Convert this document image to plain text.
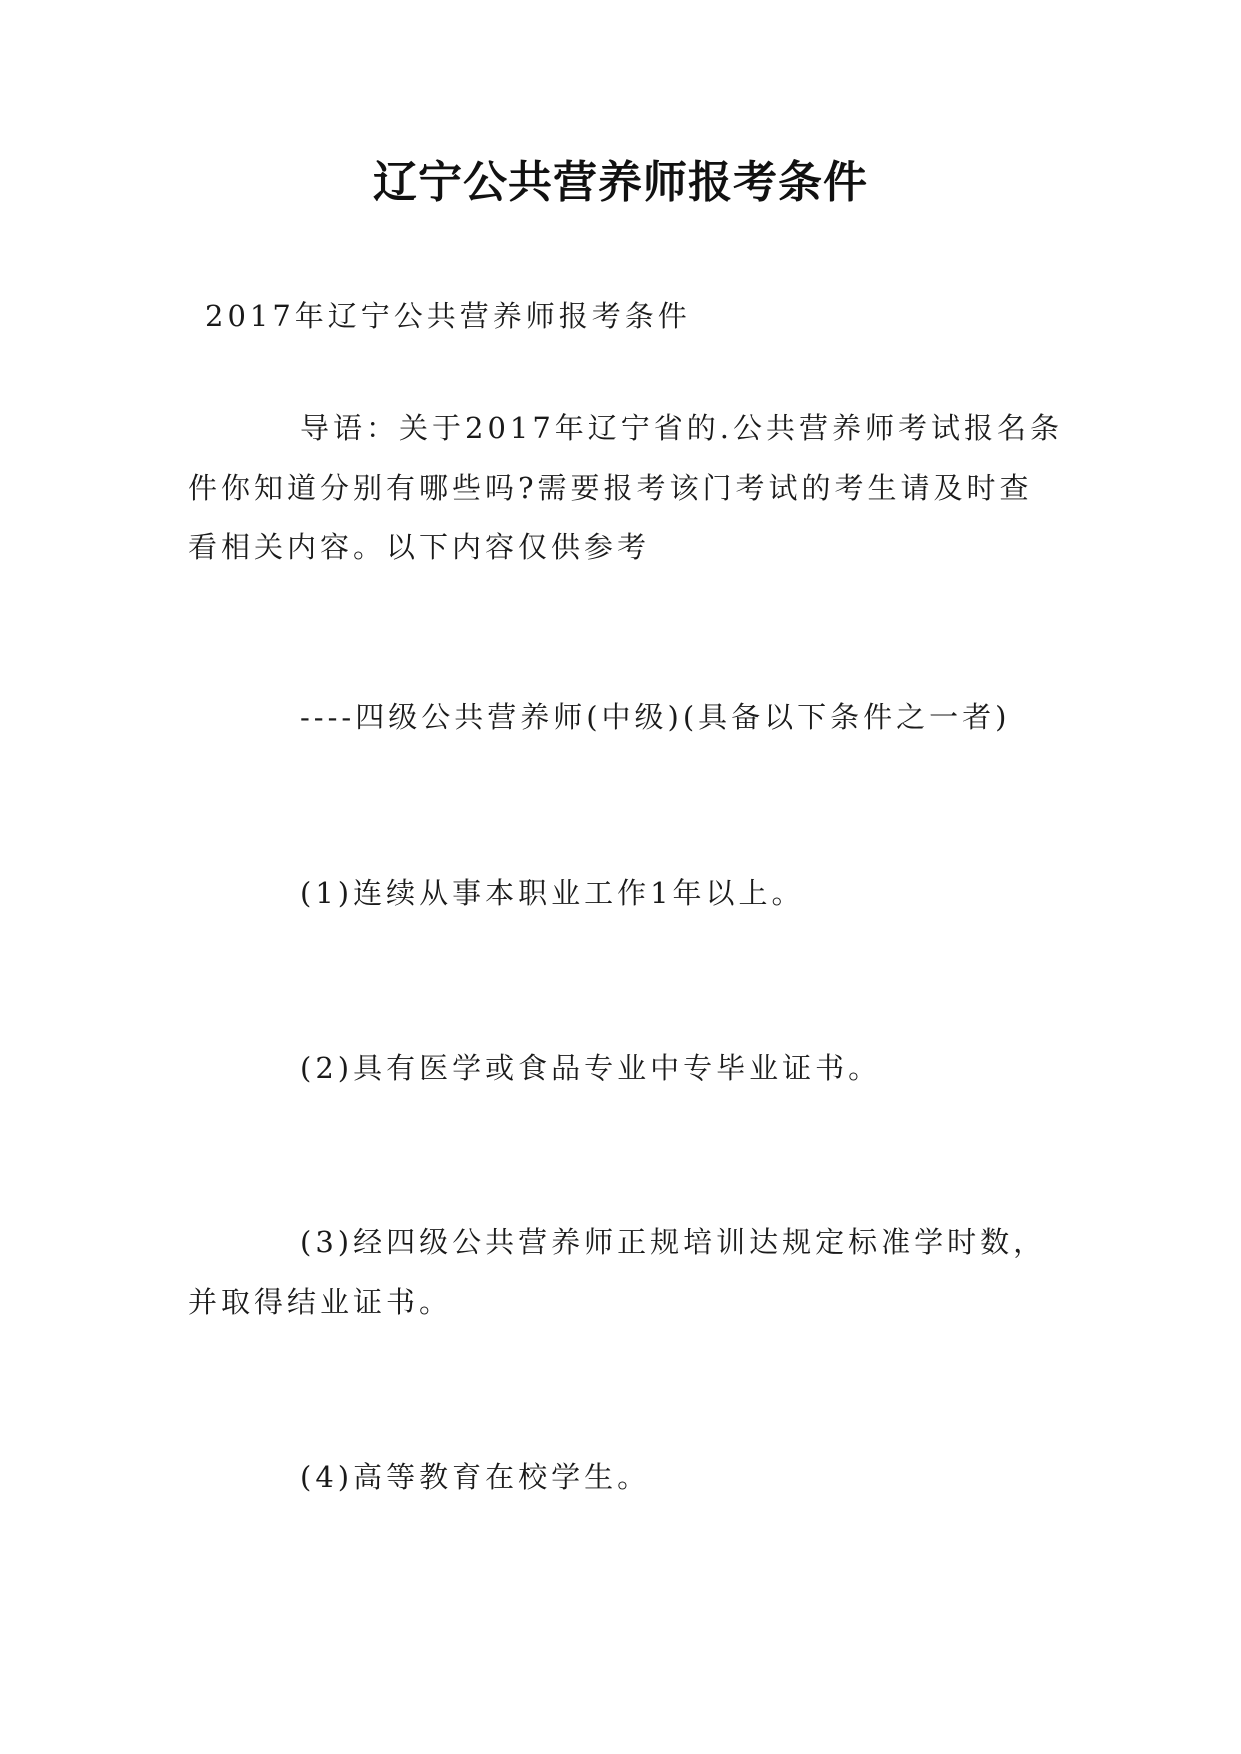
辽宁公共营养师报考条件

2017年辽宁公共营养师报考条件

导语：关于2017年辽宁省的.公共营养师考试报名条

件你知道分别有哪些吗?需要报考该门考试的考生请及时查

看相关内容。以下内容仅供参考

----四级公共营养师(中级)(具备以下条件之一者)

(1)连续从事本职业工作1年以上。

(2)具有医学或食品专业中专毕业证书。

(3)经四级公共营养师正规培训达规定标准学时数，

并取得结业证书。

(4)高等教育在校学生。
